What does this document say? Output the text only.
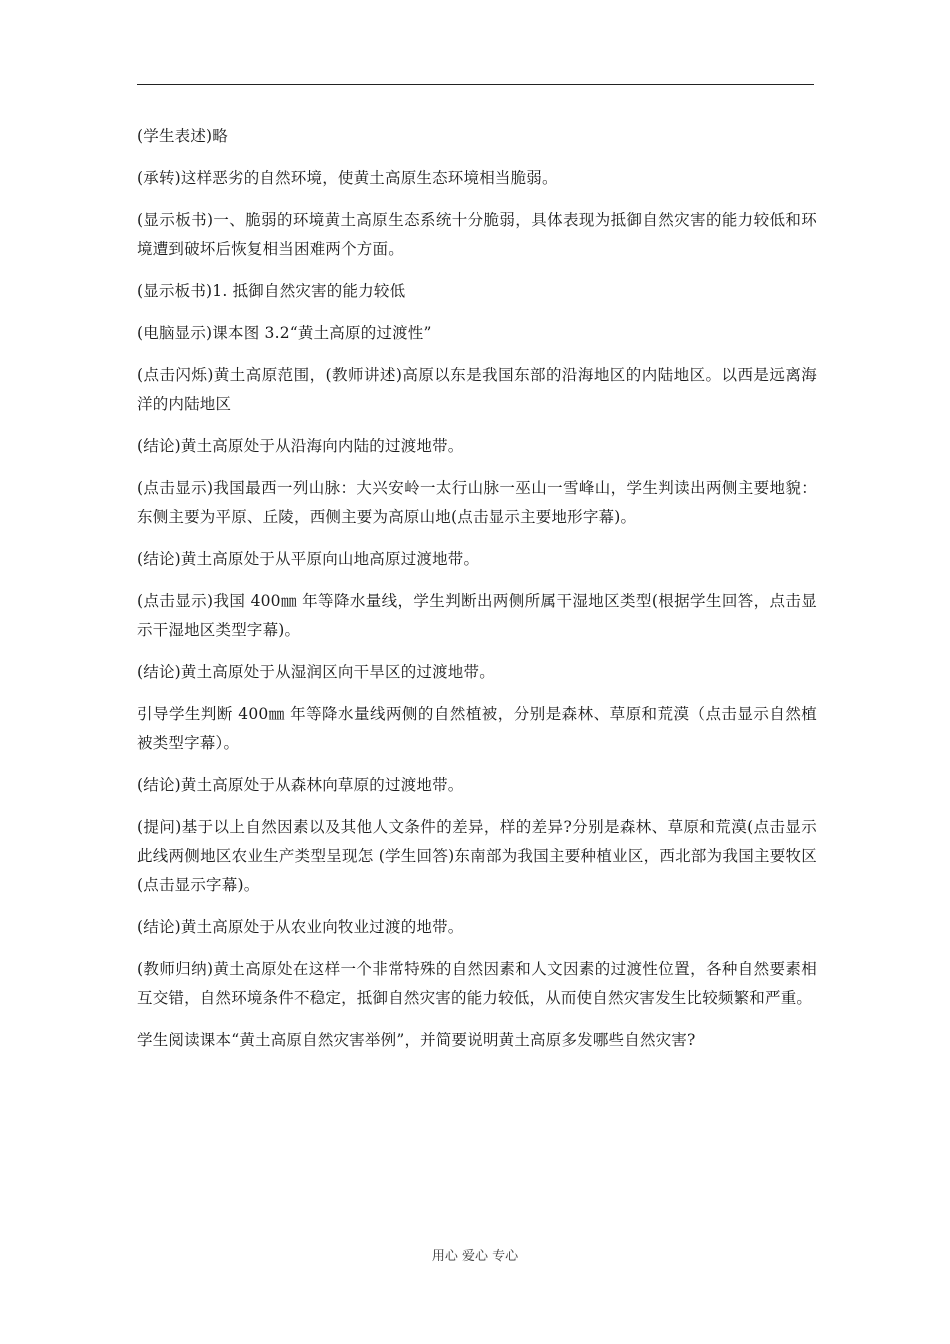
(学生表述)略

(承转)这样恶劣的自然环境，使黄土高原生态环境相当脆弱。

(显示板书)一、脆弱的环境黄土高原生态系统十分脆弱，具体表现为抵御自然灾害的能力较低和环境遭到破坏后恢复相当困难两个方面。

(显示板书)1. 抵御自然灾害的能力较低

(电脑显示)课本图 3.2“黄土高原的过渡性”

(点击闪烁)黄土高原范围，(教师讲述)高原以东是我国东部的沿海地区的内陆地区。以西是远离海洋的内陆地区

(结论)黄土高原处于从沿海向内陆的过渡地带。

(点击显示)我国最西一列山脉：大兴安岭一太行山脉一巫山一雪峰山，学生判读出两侧主要地貌：东侧主要为平原、丘陵，西侧主要为高原山地(点击显示主要地形字幕)。

(结论)黄土高原处于从平原向山地高原过渡地带。

(点击显示)我国 400㎜ 年等降水量线，学生判断出两侧所属干湿地区类型(根据学生回答，点击显示干湿地区类型字幕)。

(结论)黄土高原处于从湿润区向干旱区的过渡地带。

引导学生判断 400㎜ 年等降水量线两侧的自然植被，分别是森林、草原和荒漠（点击显示自然植被类型字幕）。

(结论)黄土高原处于从森林向草原的过渡地带。

(提问)基于以上自然因素以及其他人文条件的差异，样的差异?分别是森林、草原和荒漠(点击显示此线两侧地区农业生产类型呈现怎 (学生回答)东南部为我国主要种植业区，西北部为我国主要牧区(点击显示字幕)。

(结论)黄土高原处于从农业向牧业过渡的地带。

(教师归纳)黄土高原处在这样一个非常特殊的自然因素和人文因素的过渡性位置，各种自然要素相互交错，自然环境条件不稳定，抵御自然灾害的能力较低，从而使自然灾害发生比较频繁和严重。

学生阅读课本“黄土高原自然灾害举例”，并简要说明黄土高原多发哪些自然灾害?

用心 爱心 专心
